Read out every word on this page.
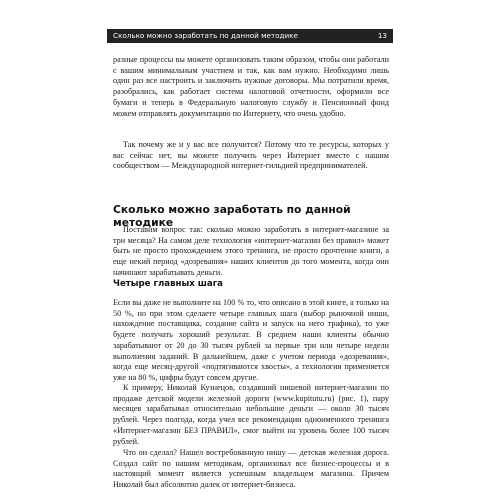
Сколько можно заработать по данной методике	13
разные процессы вы можете организовать таким образом, чтобы они работали с вашим минимальным участием и так, как вам нужно. Необходимо лишь один раз все настроить и заключить нужные договоры. Мы потратили время, разобрались, как работает система налоговой отчетности, оформили все бумаги и теперь в Федеральную налоговую службу и Пенсионный фонд можем отправлять документацию по Интернету, что очень удобно.
Так почему же и у вас все получится? Потому что те ресурсы, которых у вас сейчас нет, вы можете получить через Интернет вместе с нашим сообществом — Международной интернет-гильдией предпринимателей.
Сколько можно заработать по данной методике
Поставим вопрос так: сколько можно заработать в интернет-магазине за три месяца? На самом деле технология «интернет-магазин без правил» может быть не просто прохождением этого тренинга, не просто прочтение книги, а еще некий период «дозревания» наших клиентов до того момента, когда они начинают зарабатывать деньги.
Четыре главных шага
Если вы даже не выполните на 100 % то, что описано в этой книге, а только на 50 %, но при этом сделаете четыре главных шага (выбор рыночной ниши, нахождение поставщика, создание сайта и запуск на него трафика), то уже будете получать хороший результат. В среднем наши клиенты обычно зарабатывают от 20 до 30 тысяч рублей за первые три или четыре недели выполнения заданий. В дальнейшем, даже с учетом периода «дозревания», когда еще месяц-другой «подтягиваются хвосты», а технология применяется уже на 80 %, цифры будут совсем другие.
К примеру, Николай Кузнецов, создавший нишевой интернет-магазин по продаже детской модели железной дороги (www.kupitutu.ru) (рис. 1), пару месяцев зарабатывал относительно небольшие деньги — около 30 тысяч рублей. Через полгода, когда учел все рекомендации одноименного тренинга «Интернет-магазин БЕЗ ПРАВИЛ», смог выйти на уровень более 100 тысяч рублей.
Что он сделал? Нашел востребованную нишу — детская железная дорога. Создал сайт по нашим методикам, организовал все бизнес-процессы и в настоящий момент является успешным владельцем магазина. Причем Николай был абсолютно далек от интернет-бизнеса.
